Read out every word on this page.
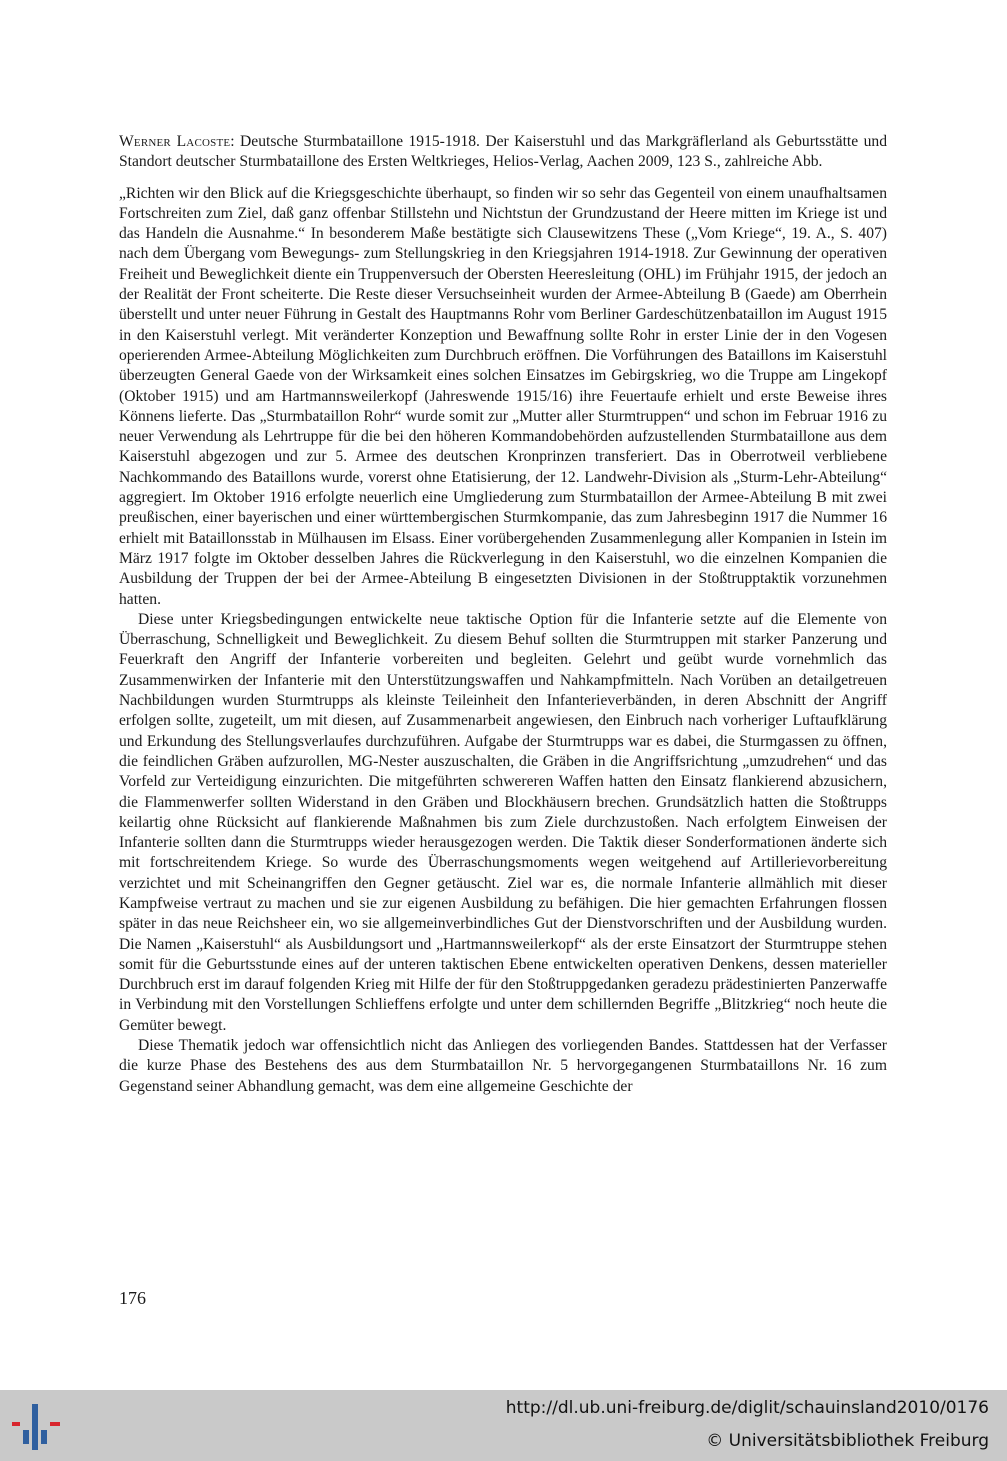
Werner Lacoste: Deutsche Sturmbataillone 1915-1918. Der Kaiserstuhl und das Markgräflerland als Geburtsstätte und Standort deutscher Sturmbataillone des Ersten Weltkrieges, Helios-Verlag, Aachen 2009, 123 S., zahlreiche Abb.

„Richten wir den Blick auf die Kriegsgeschichte überhaupt, so finden wir so sehr das Gegenteil von einem unaufhaltsamen Fortschreiten zum Ziel, daß ganz offenbar Stillstehn und Nichtstun der Grundzustand der Heere mitten im Kriege ist und das Handeln die Ausnahme.“ In besonderem Maße bestätigte sich Clausewitzens These („Vom Kriege“, 19. A., S. 407) nach dem Übergang vom Bewegungs- zum Stellungskrieg in den Kriegsjahren 1914-1918. Zur Gewinnung der operativen Freiheit und Beweglichkeit diente ein Truppenversuch der Obersten Heeresleitung (OHL) im Frühjahr 1915, der jedoch an der Realität der Front scheiterte. Die Reste dieser Versuchseinheit wurden der Armee-Abteilung B (Gaede) am Oberrhein überstellt und unter neuer Führung in Gestalt des Hauptmanns Rohr vom Berliner Gardeschützenbataillon im August 1915 in den Kaiserstuhl verlegt. Mit veränderter Konzeption und Bewaffnung sollte Rohr in erster Linie der in den Vogesen operierenden Armee-Abteilung Möglichkeiten zum Durchbruch eröffnen. Die Vorführungen des Bataillons im Kaiserstuhl überzeugten General Gaede von der Wirksamkeit eines solchen Einsatzes im Gebirgskrieg, wo die Truppe am Lingekopf (Oktober 1915) und am Hartmannsweilerkopf (Jahreswende 1915/16) ihre Feuertaufe erhielt und erste Beweise ihres Könnens lieferte. Das „Sturmbataillon Rohr“ wurde somit zur „Mutter aller Sturmtruppen“ und schon im Februar 1916 zu neuer Verwendung als Lehrtruppe für die bei den höheren Kommandobehörden aufzustellenden Sturmbataillone aus dem Kaiserstuhl abgezogen und zur 5. Armee des deutschen Kronprinzen transferiert. Das in Oberrotweil verbliebene Nachkommando des Bataillons wurde, vorerst ohne Etatisierung, der 12. Landwehr-Division als „Sturm-Lehr-Abteilung“ aggregiert. Im Oktober 1916 erfolgte neuerlich eine Umgliederung zum Sturmbataillon der Armee-Abteilung B mit zwei preußischen, einer bayerischen und einer württembergischen Sturmkompanie, das zum Jahresbeginn 1917 die Nummer 16 erhielt mit Bataillonsstab in Mülhausen im Elsass. Einer vorübergehenden Zusammenlegung aller Kompanien in Istein im März 1917 folgte im Oktober desselben Jahres die Rückverlegung in den Kaiserstuhl, wo die einzelnen Kompanien die Ausbildung der Truppen der bei der Armee-Abteilung B eingesetzten Divisionen in der Stoßtrupptaktik vorzunehmen hatten.

Diese unter Kriegsbedingungen entwickelte neue taktische Option für die Infanterie setzte auf die Elemente von Überraschung, Schnelligkeit und Beweglichkeit. Zu diesem Behuf sollten die Sturmtruppen mit starker Panzerung und Feuerkraft den Angriff der Infanterie vorbereiten und begleiten. Gelehrt und geübt wurde vornehmlich das Zusammenwirken der Infanterie mit den Unterstützungswaffen und Nahkampfmitteln. Nach Vorüben an detailgetreuen Nachbildungen wurden Sturmtrupps als kleinste Teileinheit den Infanterieverbänden, in deren Abschnitt der Angriff erfolgen sollte, zugeteilt, um mit diesen, auf Zusammenarbeit angewiesen, den Einbruch nach vorheriger Luftaufklärung und Erkundung des Stellungsverlaufes durchzuführen. Aufgabe der Sturmtrupps war es dabei, die Sturmgassen zu öffnen, die feindlichen Gräben aufzurollen, MG-Nester auszuschalten, die Gräben in die Angriffsrichtung „umzudrehen“ und das Vorfeld zur Verteidigung einzurichten. Die mitgeführten schwereren Waffen hatten den Einsatz flankierend abzusichern, die Flammenwerfer sollten Widerstand in den Gräben und Blockhäusern brechen. Grundsätzlich hatten die Stoßtrupps keilartig ohne Rücksicht auf flankierende Maßnahmen bis zum Ziele durchzustoßen. Nach erfolgtem Einweisen der Infanterie sollten dann die Sturmtrupps wieder herausgezogen werden. Die Taktik dieser Sonderformationen änderte sich mit fortschreitendem Kriege. So wurde des Überraschungsmoments wegen weitgehend auf Artillerievorbereitung verzichtet und mit Scheinangriffen den Gegner getäuscht. Ziel war es, die normale Infanterie allmählich mit dieser Kampfweise vertraut zu machen und sie zur eigenen Ausbildung zu befähigen. Die hier gemachten Erfahrungen flossen später in das neue Reichsheer ein, wo sie allgemeinverbindliches Gut der Dienstvorschriften und der Ausbildung wurden. Die Namen „Kaiserstuhl“ als Ausbildungsort und „Hartmannsweilerkopf“ als der erste Einsatzort der Sturmtruppe stehen somit für die Geburtsstunde eines auf der unteren taktischen Ebene entwickelten operativen Denkens, dessen materieller Durchbruch erst im darauf folgenden Krieg mit Hilfe der für den Stoßtruppgedanken geradezu prädestinierten Panzerwaffe in Verbindung mit den Vorstellungen Schlieffens erfolgte und unter dem schillernden Begriffe „Blitzkrieg“ noch heute die Gemüter bewegt.

Diese Thematik jedoch war offensichtlich nicht das Anliegen des vorliegenden Bandes. Stattdessen hat der Verfasser die kurze Phase des Bestehens des aus dem Sturmbataillon Nr. 5 hervorgegangenen Sturmbataillons Nr. 16 zum Gegenstand seiner Abhandlung gemacht, was dem eine allgemeine Geschichte der

176
http://dl.ub.uni-freiburg.de/diglit/schauinsland2010/0176
© Universitätsbibliothek Freiburg
